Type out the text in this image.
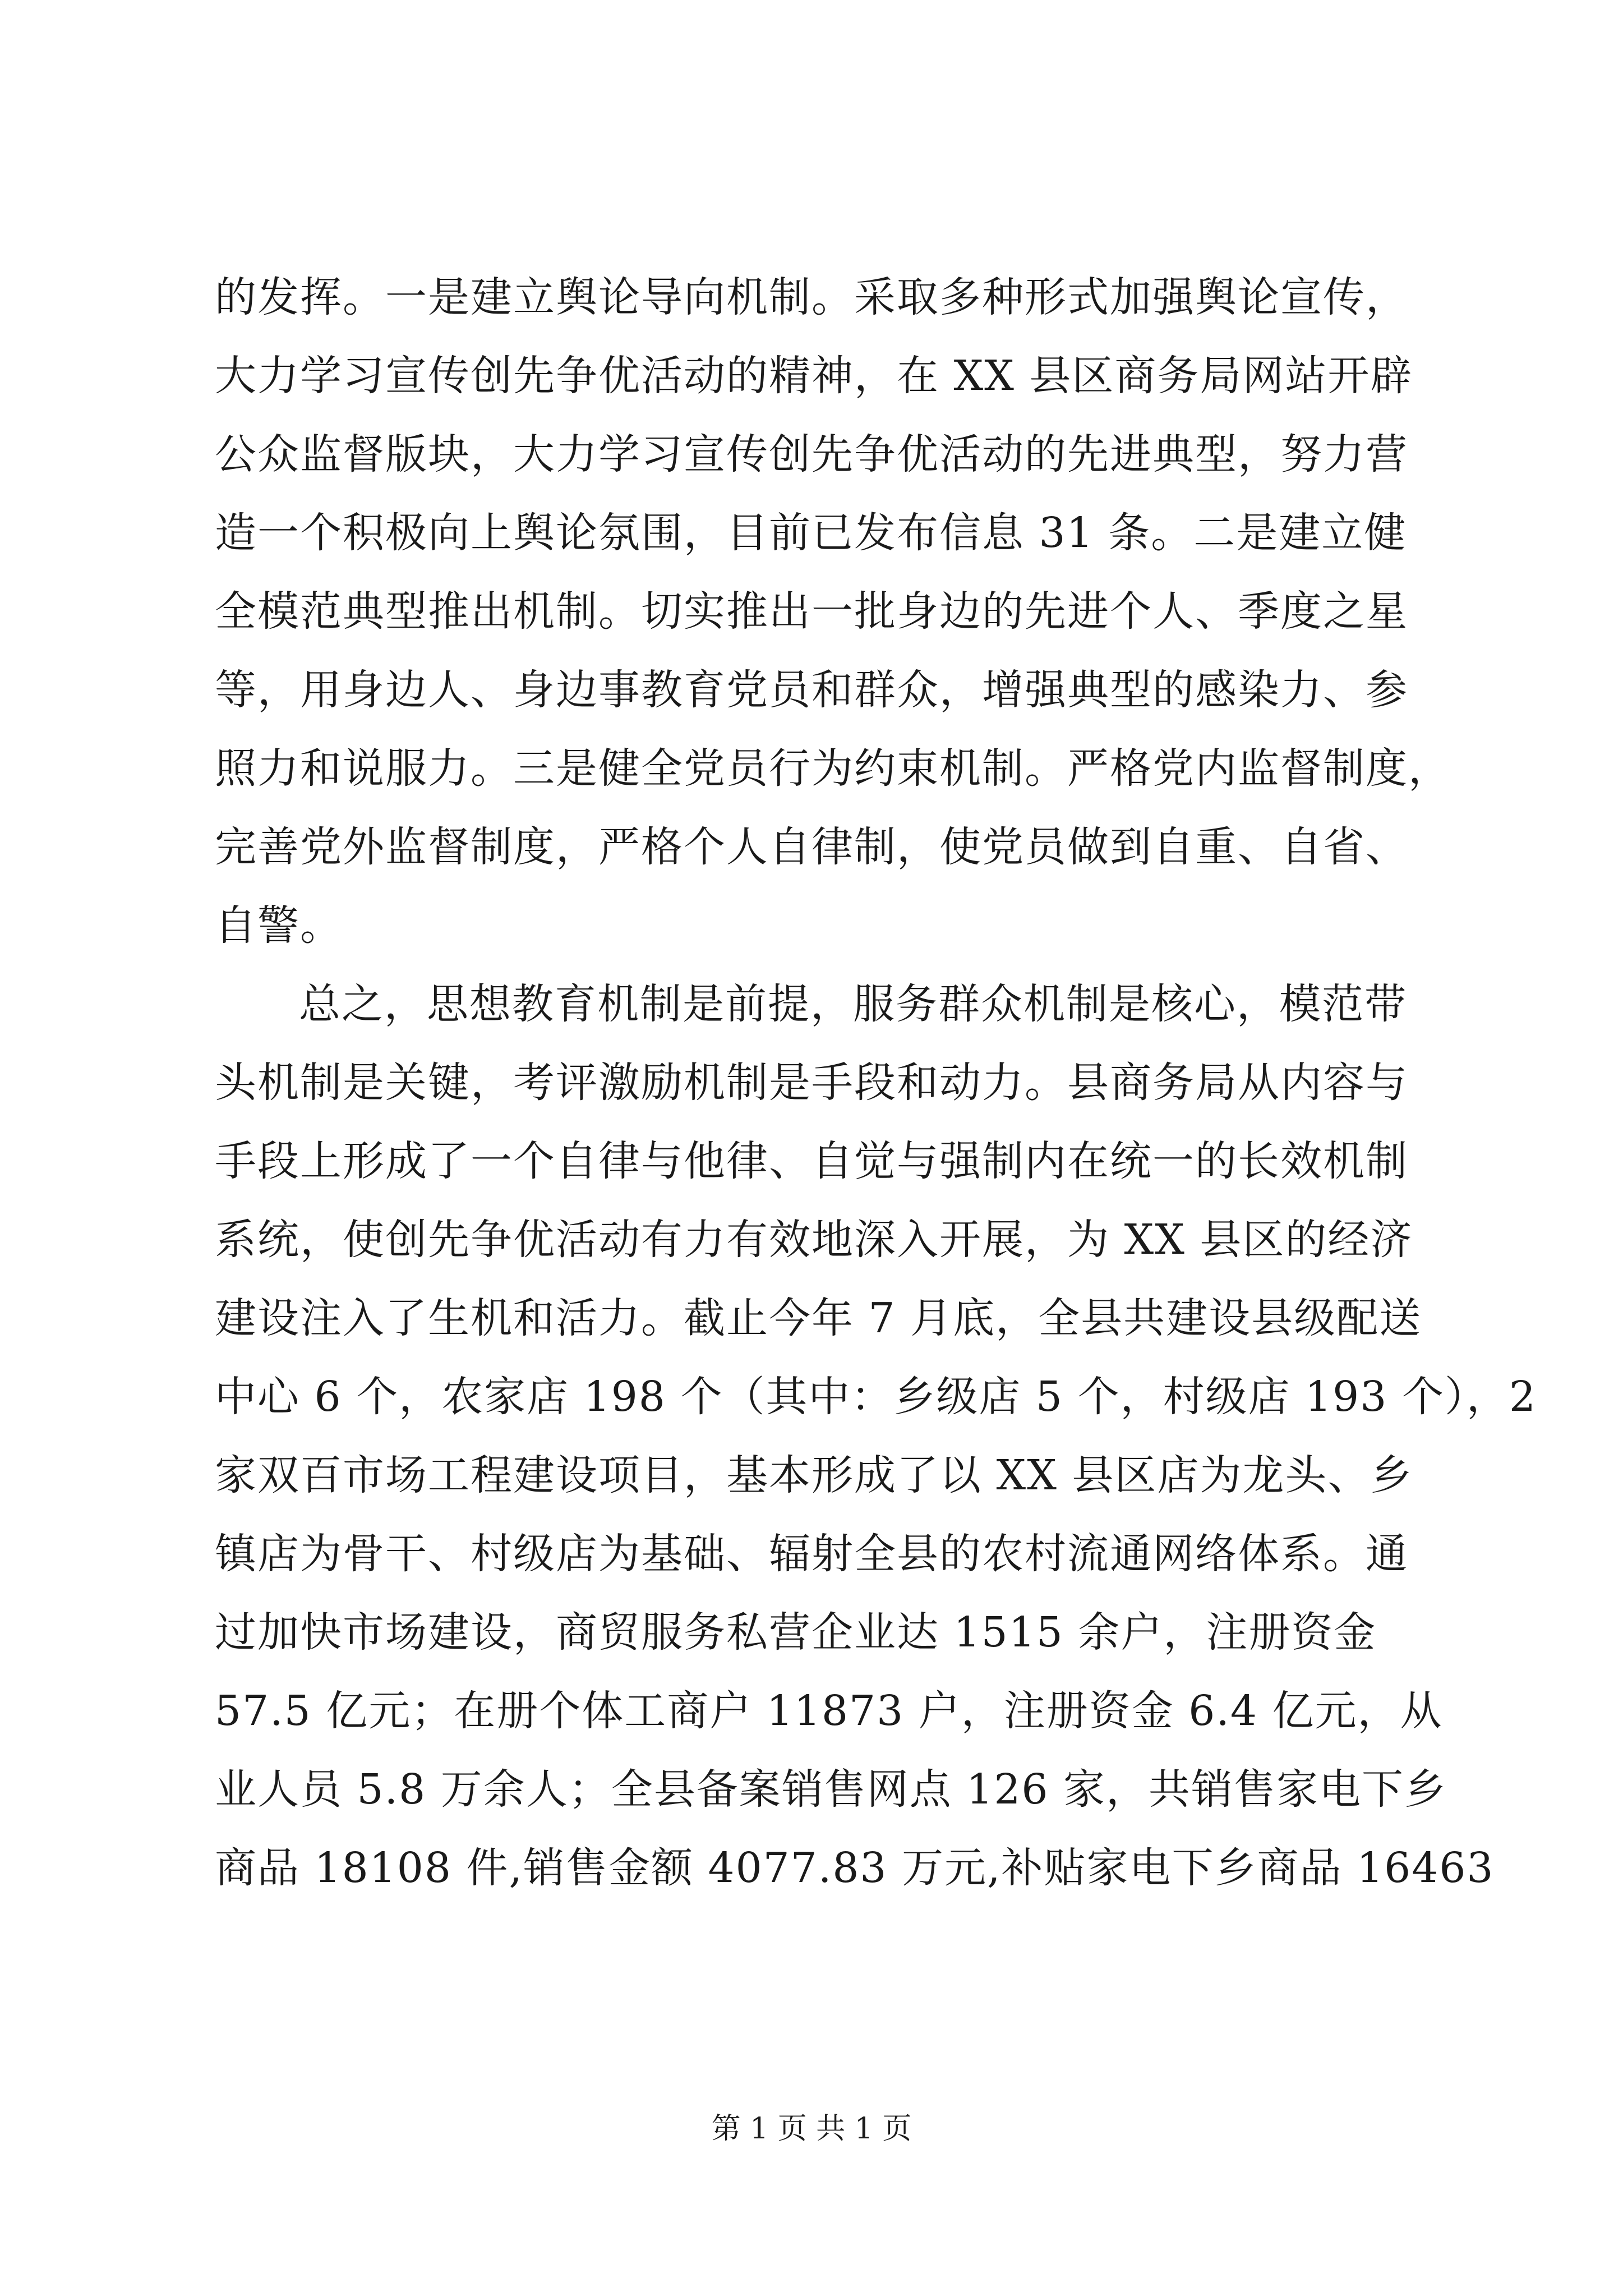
的发挥。一是建立舆论导向机制。采取多种形式加强舆论宣传，
大力学习宣传创先争优活动的精神，在 XX 县区商务局网站开辟
公众监督版块，大力学习宣传创先争优活动的先进典型，努力营
造一个积极向上舆论氛围，目前已发布信息 31 条。二是建立健
全模范典型推出机制。切实推出一批身边的先进个人、季度之星
等，用身边人、身边事教育党员和群众，增强典型的感染力、参
照力和说服力。三是健全党员行为约束机制。严格党内监督制度，
完善党外监督制度，严格个人自律制，使党员做到自重、自省、
自警。
总之，思想教育机制是前提，服务群众机制是核心，模范带
头机制是关键，考评激励机制是手段和动力。县商务局从内容与
手段上形成了一个自律与他律、自觉与强制内在统一的长效机制
系统，使创先争优活动有力有效地深入开展，为 XX 县区的经济
建设注入了生机和活力。截止今年 7 月底，全县共建设县级配送
中心 6 个，农家店 198 个（其中：乡级店 5 个，村级店 193 个），2
家双百市场工程建设项目，基本形成了以 XX 县区店为龙头、乡
镇店为骨干、村级店为基础、辐射全县的农村流通网络体系。通
过加快市场建设，商贸服务私营企业达 1515 余户，注册资金
57.5 亿元；在册个体工商户 11873 户，注册资金 6.4 亿元，从
业人员 5.8 万余人；全县备案销售网点 126 家，共销售家电下乡
商品 18108 件,销售金额 4077.83 万元,补贴家电下乡商品 16463
第 1 页 共 1 页
